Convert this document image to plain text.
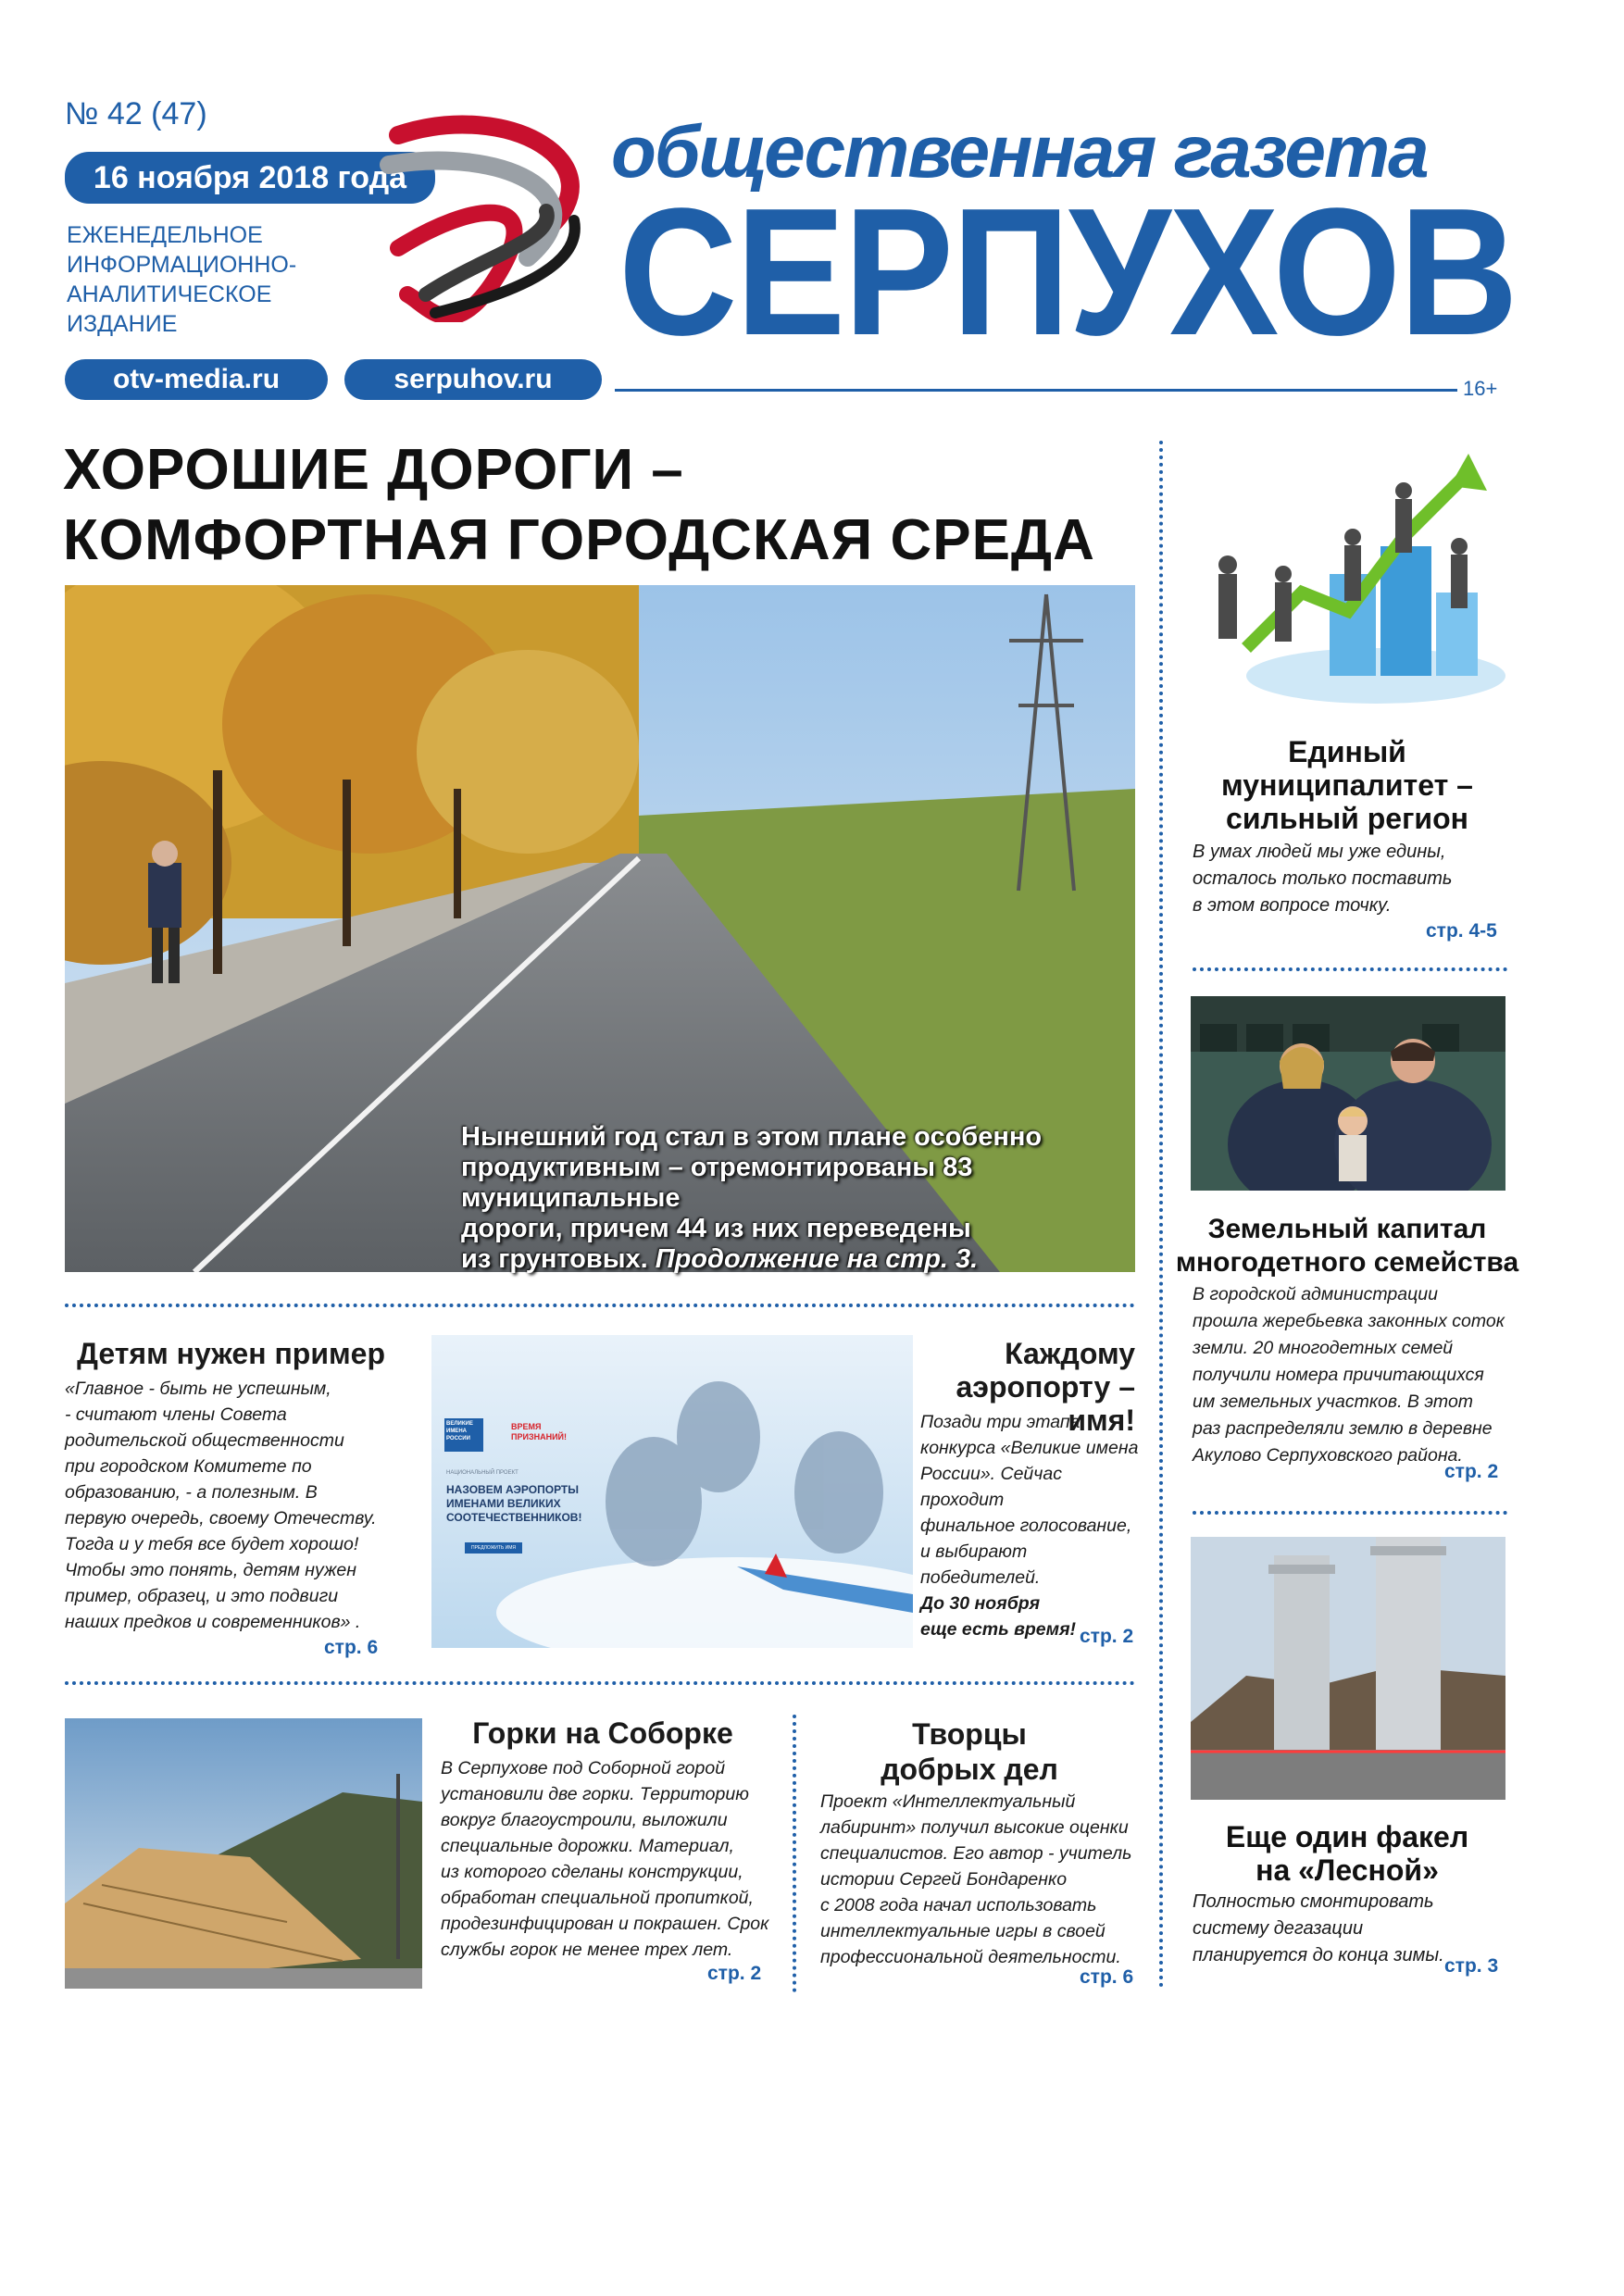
№ 42 (47)
16 ноября 2018 года
ЕЖЕНЕДЕЛЬНОЕ ИНФОРМАЦИОННО-АНАЛИТИЧЕСКОЕ ИЗДАНИЕ
otv-media.ru	serpuhov.ru
общественная газета
СЕРПУХОВ
16+
ХОРОШИЕ ДОРОГИ –
КОМФОРТНАЯ ГОРОДСКАЯ СРЕДА
Нынешний год стал в этом плане особенно
продуктивным – отремонтированы 83 муниципальные
дороги, причем 44 из них переведены
из грунтовых. Продолжение на стр. 3.
Единый
муниципалитет –
сильный регион
В умах людей мы уже едины,
осталось только поставить
в этом вопросе точку.
стр. 4-5
Земельный капитал
многодетного семейства
В городской администрации
прошла жеребьевка законных соток
земли. 20 многодетных семей
получили номера причитающихся
им земельных участков. В этот
раз распределяли землю в деревне
Акулово Серпуховского района.
стр. 2
Еще один факел
на «Лесной»
Полностью смонтировать
систему дегазации
планируется до конца зимы. стр. 3
Детям нужен пример
«Главное - быть не успешным,
- считают члены Совета
родительской общественности
при городском Комитете по
образованию, - а полезным. В
первую очередь, своему Отечеству.
Тогда и у тебя все будет хорошо!
Чтобы это понять, детям нужен
пример, образец, и это подвиги
наших предков и современников» .
стр. 6
ВЕЛИКИЕ ИМЕНА РОССИИ
ВРЕМЯ ПРИЗНАНИЙ!
НАЦИОНАЛЬНЫЙ ПРОЕКТ
НАЗОВЕМ АЭРОПОРТЫ
ИМЕНАМИ ВЕЛИКИХ
СООТЕЧЕСТВЕННИКОВ!
ПРЕДЛОЖИТЬ ИМЯ
Каждому
аэропорту – имя!
Позади три этапа
конкурса «Великие имена
России». Сейчас проходит
финальное голосование,
и выбирают
победителей.
До 30 ноября
еще есть время! стр. 2
Горки на Соборке
В Серпухове под Соборной горой
установили две горки. Территорию
вокруг благоустроили, выложили
специальные дорожки. Материал,
из которого сделаны конструкции,
обработан специальной пропиткой,
продезинфицирован и покрашен. Срок
службы горок не менее трех лет.
стр. 2
Творцы
добрых дел
Проект «Интеллектуальный
лабиринт» получил высокие оценки
специалистов. Его автор - учитель
истории Сергей Бондаренко
с 2008 года начал использовать
интеллектуальные игры в своей
профессиональной деятельности.
стр. 6
